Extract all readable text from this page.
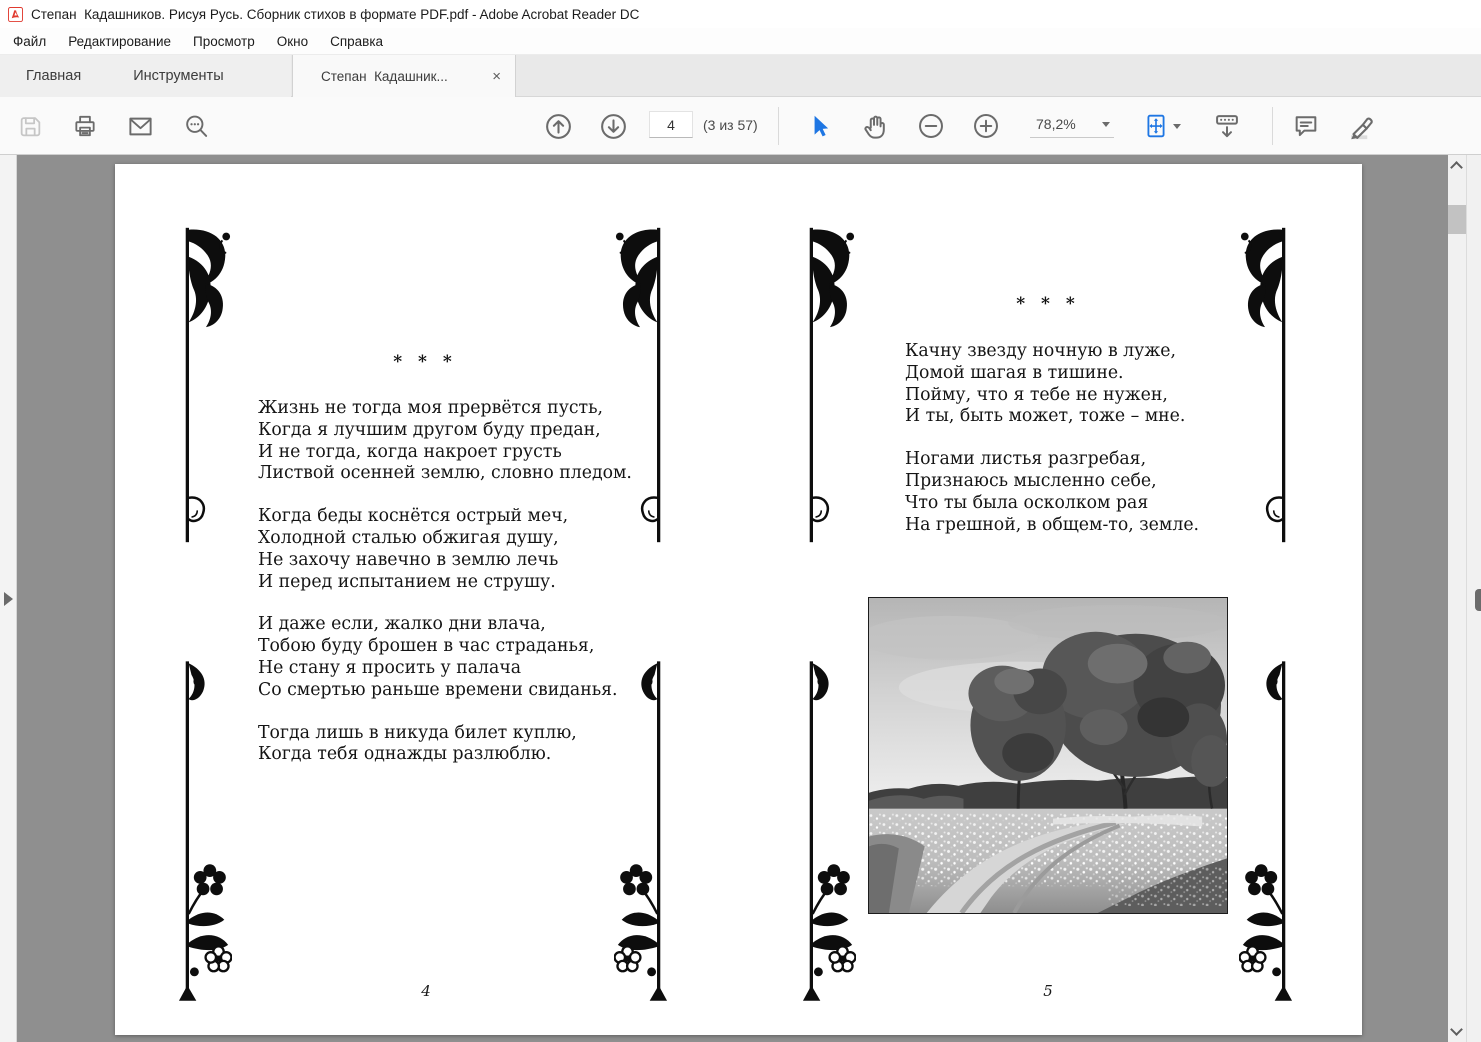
Степан  Кадашников. Рисуя Русь. Сборник стихов в формате PDF.pdf - Adobe Acrobat Reader DC
Файл	Редактирование	Просмотр	Окно	Справка
Главная	Инструменты	Степан  Кадашник...	×
4
(3 из 57)	78,2%
* * *
Жизнь не тогда моя прервётся пусть,
Когда я лучшим другом буду предан,
И не тогда, когда накроет грусть
Листвой осенней землю, словно пледом.
Когда беды коснётся острый меч,
Холодной сталью обжигая душу,
Не захочу навечно в землю лечь
И перед испытанием не струшу.
И даже если, жалко дни влача,
Тобою буду брошен в час страданья,
Не стану я просить у палача
Со смертью раньше времени свиданья.
Тогда лишь в никуда билет куплю,
Когда тебя однажды разлюблю.
4
* * *
Качну звезду ночную в луже,
Домой шагая в тишине.
Пойму, что я тебе не нужен,
И ты, быть может, тоже – мне.
Ногами листья разгребая,
Признаюсь мысленно себе,
Что ты была осколком рая
На грешной, в общем-то, земле.
5
